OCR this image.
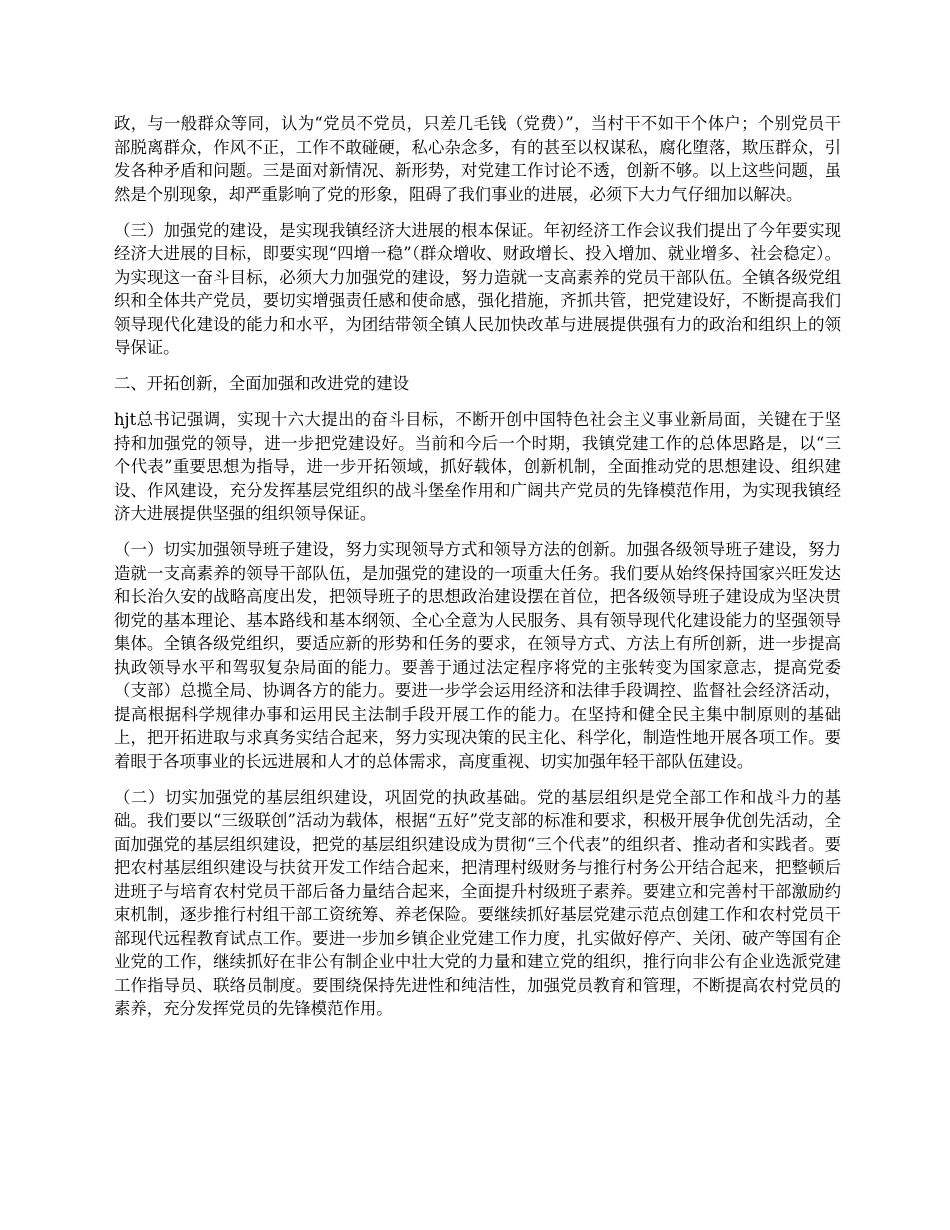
政，与一般群众等同，认为“党员不党员，只差几毛钱（党费）”，当村干不如干个体户；个别党员干部脱离群众，作风不正，工作不敢碰硬，私心杂念多，有的甚至以权谋私，腐化堕落，欺压群众，引发各种矛盾和问题。三是面对新情况、新形势，对党建工作讨论不透，创新不够。以上这些问题，虽然是个别现象，却严重影响了党的形象，阻碍了我们事业的进展，必须下大力气仔细加以解决。

（三）加强党的建设，是实现我镇经济大进展的根本保证。年初经济工作会议我们提出了今年要实现经济大进展的目标，即要实现“四增一稳”（群众增收、财政增长、投入增加、就业增多、社会稳定）。为实现这一奋斗目标，必须大力加强党的建设，努力造就一支高素养的党员干部队伍。全镇各级党组织和全体共产党员，要切实增强责任感和使命感，强化措施，齐抓共管，把党建设好，不断提高我们领导现代化建设的能力和水平，为团结带领全镇人民加快改革与进展提供强有力的政治和组织上的领导保证。

二、开拓创新，全面加强和改进党的建设

hjt总书记强调，实现十六大提出的奋斗目标，不断开创中国特色社会主义事业新局面，关键在于坚持和加强党的领导，进一步把党建设好。当前和今后一个时期，我镇党建工作的总体思路是，以“三个代表”重要思想为指导，进一步开拓领域，抓好载体，创新机制，全面推动党的思想建设、组织建设、作风建设，充分发挥基层党组织的战斗堡垒作用和广阔共产党员的先锋模范作用，为实现我镇经济大进展提供坚强的组织领导保证。

（一）切实加强领导班子建设，努力实现领导方式和领导方法的创新。加强各级领导班子建设，努力造就一支高素养的领导干部队伍，是加强党的建设的一项重大任务。我们要从始终保持国家兴旺发达和长治久安的战略高度出发，把领导班子的思想政治建设摆在首位，把各级领导班子建设成为坚决贯彻党的基本理论、基本路线和基本纲领、全心全意为人民服务、具有领导现代化建设能力的坚强领导集体。全镇各级党组织，要适应新的形势和任务的要求，在领导方式、方法上有所创新，进一步提高执政领导水平和驾驭复杂局面的能力。要善于通过法定程序将党的主张转变为国家意志，提高党委（支部）总揽全局、协调各方的能力。要进一步学会运用经济和法律手段调控、监督社会经济活动，提高根据科学规律办事和运用民主法制手段开展工作的能力。在坚持和健全民主集中制原则的基础上，把开拓进取与求真务实结合起来，努力实现决策的民主化、科学化，制造性地开展各项工作。要着眼于各项事业的长远进展和人才的总体需求，高度重视、切实加强年轻干部队伍建设。

（二）切实加强党的基层组织建设，巩固党的执政基础。党的基层组织是党全部工作和战斗力的基础。我们要以“三级联创”活动为载体，根据“五好”党支部的标准和要求，积极开展争优创先活动，全面加强党的基层组织建设，把党的基层组织建设成为贯彻“三个代表”的组织者、推动者和实践者。要把农村基层组织建设与扶贫开发工作结合起来，把清理村级财务与推行村务公开结合起来，把整顿后进班子与培育农村党员干部后备力量结合起来，全面提升村级班子素养。要建立和完善村干部激励约束机制，逐步推行村组干部工资统筹、养老保险。要继续抓好基层党建示范点创建工作和农村党员干部现代远程教育试点工作。要进一步加乡镇企业党建工作力度，扎实做好停产、关闭、破产等国有企业党的工作，继续抓好在非公有制企业中壮大党的力量和建立党的组织，推行向非公有企业选派党建工作指导员、联络员制度。要围绕保持先进性和纯洁性，加强党员教育和管理，不断提高农村党员的素养，充分发挥党员的先锋模范作用。
